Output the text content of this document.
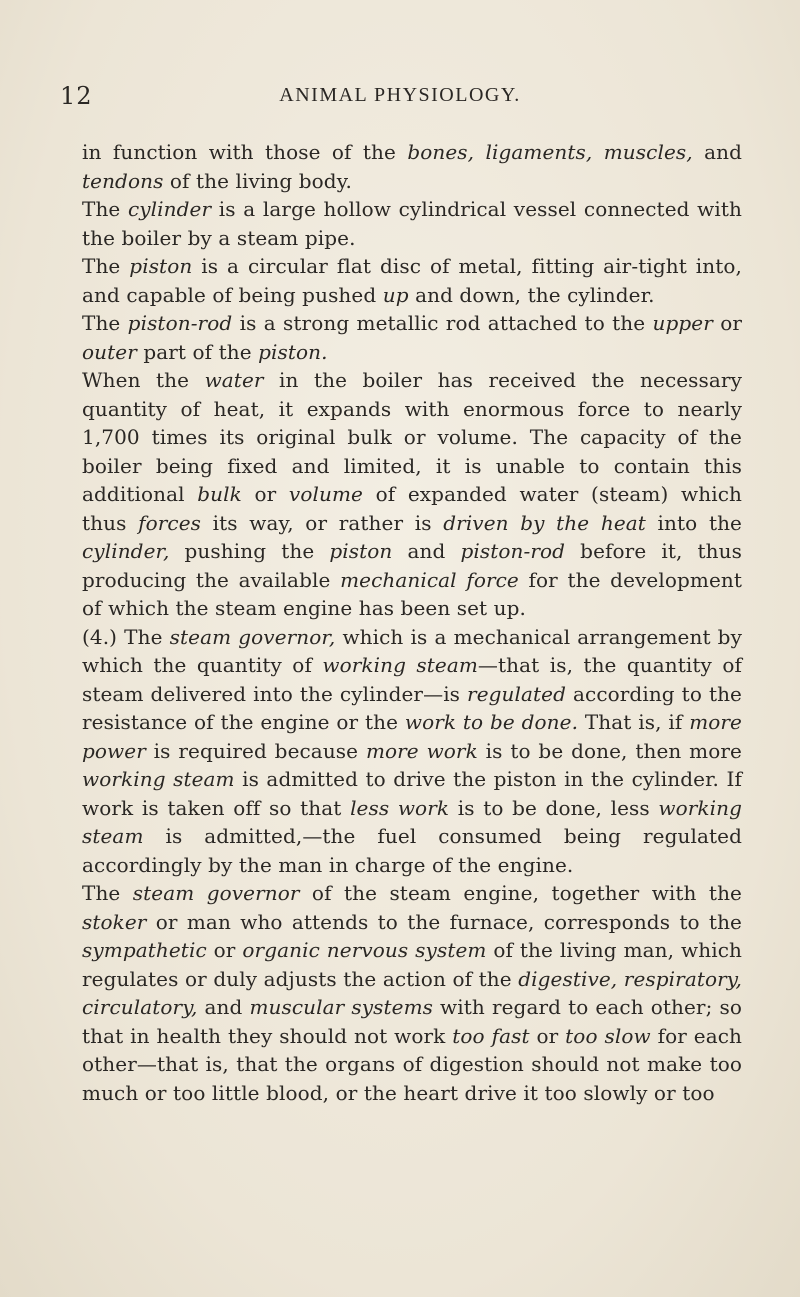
12	ANIMAL PHYSIOLOGY.

in function with those of the bones, ligaments, muscles, and tendons of the living body.

The cylinder is a large hollow cylindrical vessel connected with the boiler by a steam pipe.

The piston is a circular flat disc of metal, fitting air-tight into, and capable of being pushed up and down, the cylinder.

The piston-rod is a strong metallic rod attached to the upper or outer part of the piston.

When the water in the boiler has received the necessary quantity of heat, it expands with enormous force to nearly 1,700 times its original bulk or volume. The capacity of the boiler being fixed and limited, it is unable to contain this additional bulk or volume of expanded water (steam) which thus forces its way, or rather is driven by the heat into the cylinder, pushing the piston and piston-rod before it, thus producing the available mechanical force for the development of which the steam engine has been set up.

(4.) The steam governor, which is a mechanical arrangement by which the quantity of working steam—that is, the quantity of steam delivered into the cylinder—is regulated according to the resistance of the engine or the work to be done. That is, if more power is required because more work is to be done, then more working steam is admitted to drive the piston in the cylinder. If work is taken off so that less work is to be done, less working steam is admitted,—the fuel consumed being regulated accordingly by the man in charge of the engine.

The steam governor of the steam engine, together with the stoker or man who attends to the furnace, corresponds to the sympathetic or organic nervous system of the living man, which regulates or duly adjusts the action of the digestive, respiratory, circulatory, and muscular systems with regard to each other; so that in health they should not work too fast or too slow for each other—that is, that the organs of digestion should not make too much or too little blood, or the heart drive it too slowly or too
